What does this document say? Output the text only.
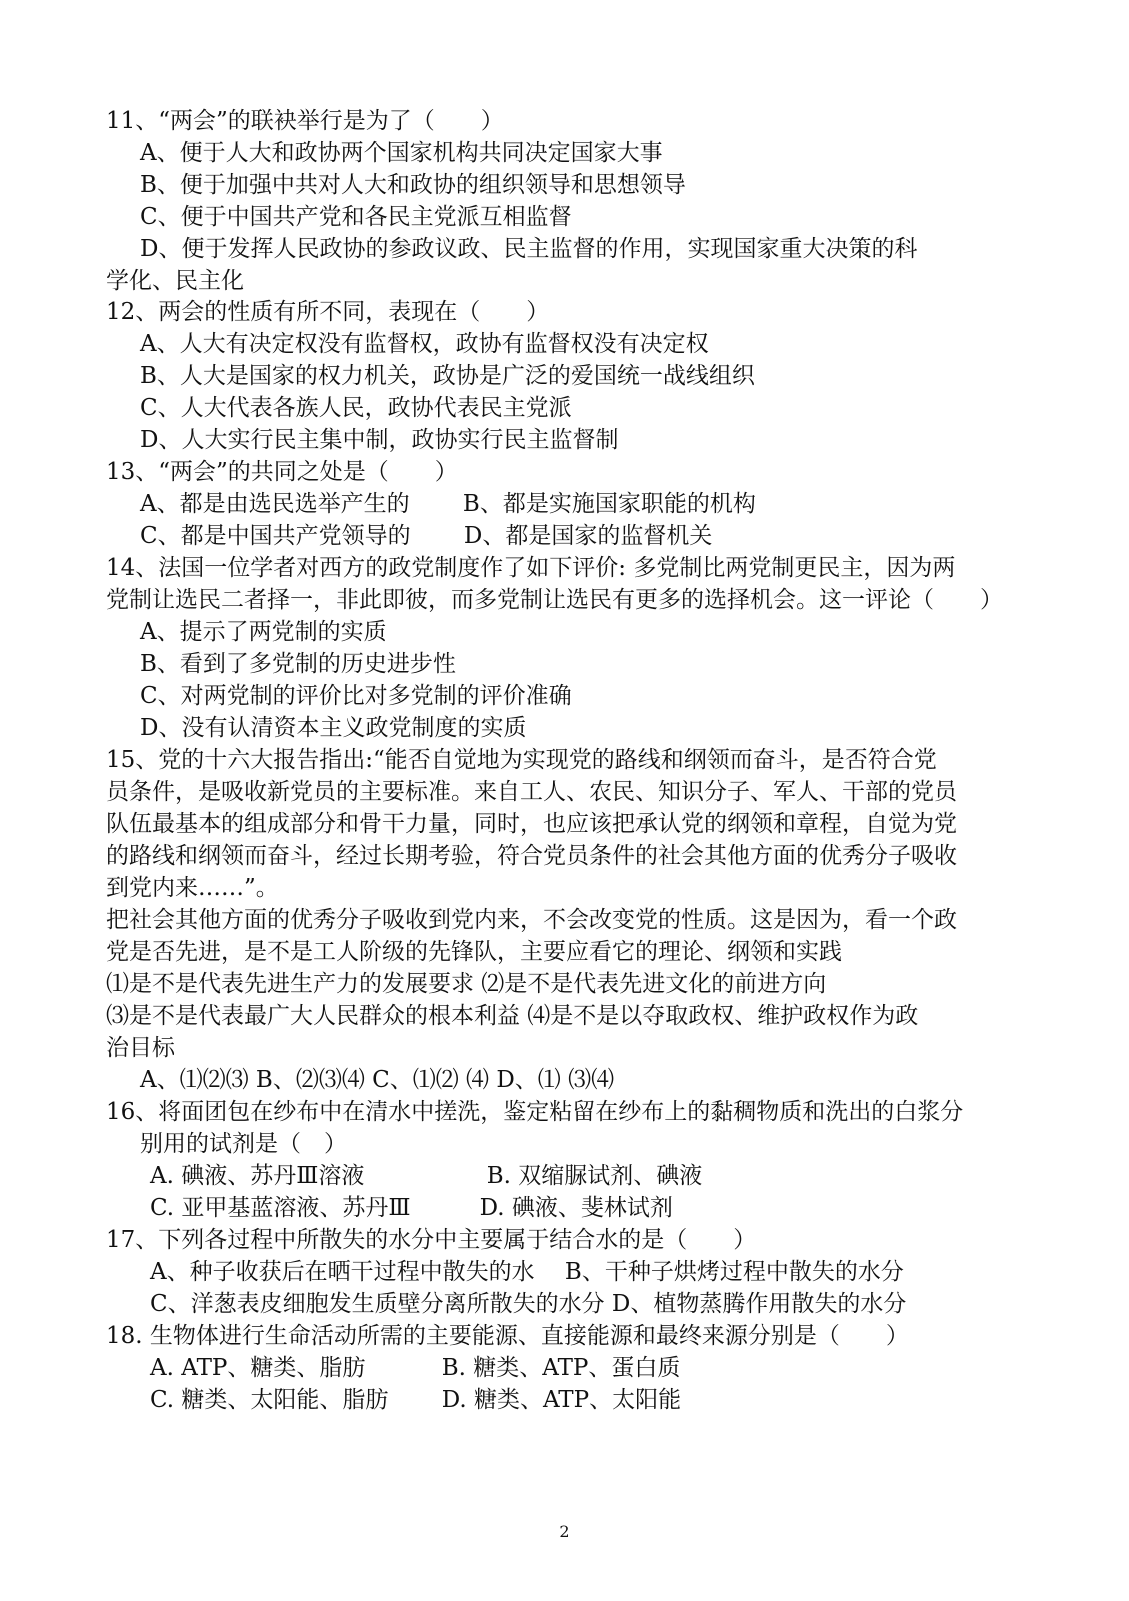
11、“两会”的联袂举行是为了（　　）
A、便于人大和政协两个国家机构共同决定国家大事
B、便于加强中共对人大和政协的组织领导和思想领导
C、便于中国共产党和各民主党派互相监督
D、便于发挥人民政协的参政议政、民主监督的作用，实现国家重大决策的科
学化、民主化
12、两会的性质有所不同，表现在（　　）
A、人大有决定权没有监督权，政协有监督权没有决定权
B、人大是国家的权力机关，政协是广泛的爱国统一战线组织
C、人大代表各族人民，政协代表民主党派
D、人大实行民主集中制，政协实行民主监督制
13、“两会”的共同之处是（　　）
A、都是由选民选举产生的　　 B、都是实施国家职能的机构
C、都是中国共产党领导的　　 D、都是国家的监督机关
14、法国一位学者对西方的政党制度作了如下评价: 多党制比两党制更民主，因为两
党制让选民二者择一，非此即彼，而多党制让选民有更多的选择机会。这一评论（　　）
A、提示了两党制的实质
B、看到了多党制的历史进步性
C、对两党制的评价比对多党制的评价准确
D、没有认清资本主义政党制度的实质
15、党的十六大报告指出:“能否自觉地为实现党的路线和纲领而奋斗，是否符合党
员条件，是吸收新党员的主要标准。来自工人、农民、知识分子、军人、干部的党员
队伍最基本的组成部分和骨干力量，同时，也应该把承认党的纲领和章程，自觉为党
的路线和纲领而奋斗，经过长期考验，符合党员条件的社会其他方面的优秀分子吸收
到党内来……”。
把社会其他方面的优秀分子吸收到党内来，不会改变党的性质。这是因为，看一个政
党是否先进，是不是工人阶级的先锋队，主要应看它的理论、纲领和实践
⑴是不是代表先进生产力的发展要求 ⑵是不是代表先进文化的前进方向
⑶是不是代表最广大人民群众的根本利益 ⑷是不是以夺取政权、维护政权作为政
治目标
A、⑴⑵⑶ B、⑵⑶⑷ C、⑴⑵ ⑷ D、⑴ ⑶⑷
16、将面团包在纱布中在清水中搓洗，鉴定粘留在纱布上的黏稠物质和洗出的白浆分
别用的试剂是（　）
A. 碘液、苏丹Ⅲ溶液　　　　　 B. 双缩脲试剂、碘液
C. 亚甲基蓝溶液、苏丹Ⅲ　　　D. 碘液、斐林试剂
17、下列各过程中所散失的水分中主要属于结合水的是（　　）
A、种子收获后在晒干过程中散失的水　 B、干种子烘烤过程中散失的水分
C、洋葱表皮细胞发生质壁分离所散失的水分 D、植物蒸腾作用散失的水分
18. 生物体进行生命活动所需的主要能源、直接能源和最终来源分别是（　　）
A. ATP、糖类、脂肪　　　 B. 糖类、ATP、蛋白质
C. 糖类、太阳能、脂肪　　 D. 糖类、ATP、太阳能
2
